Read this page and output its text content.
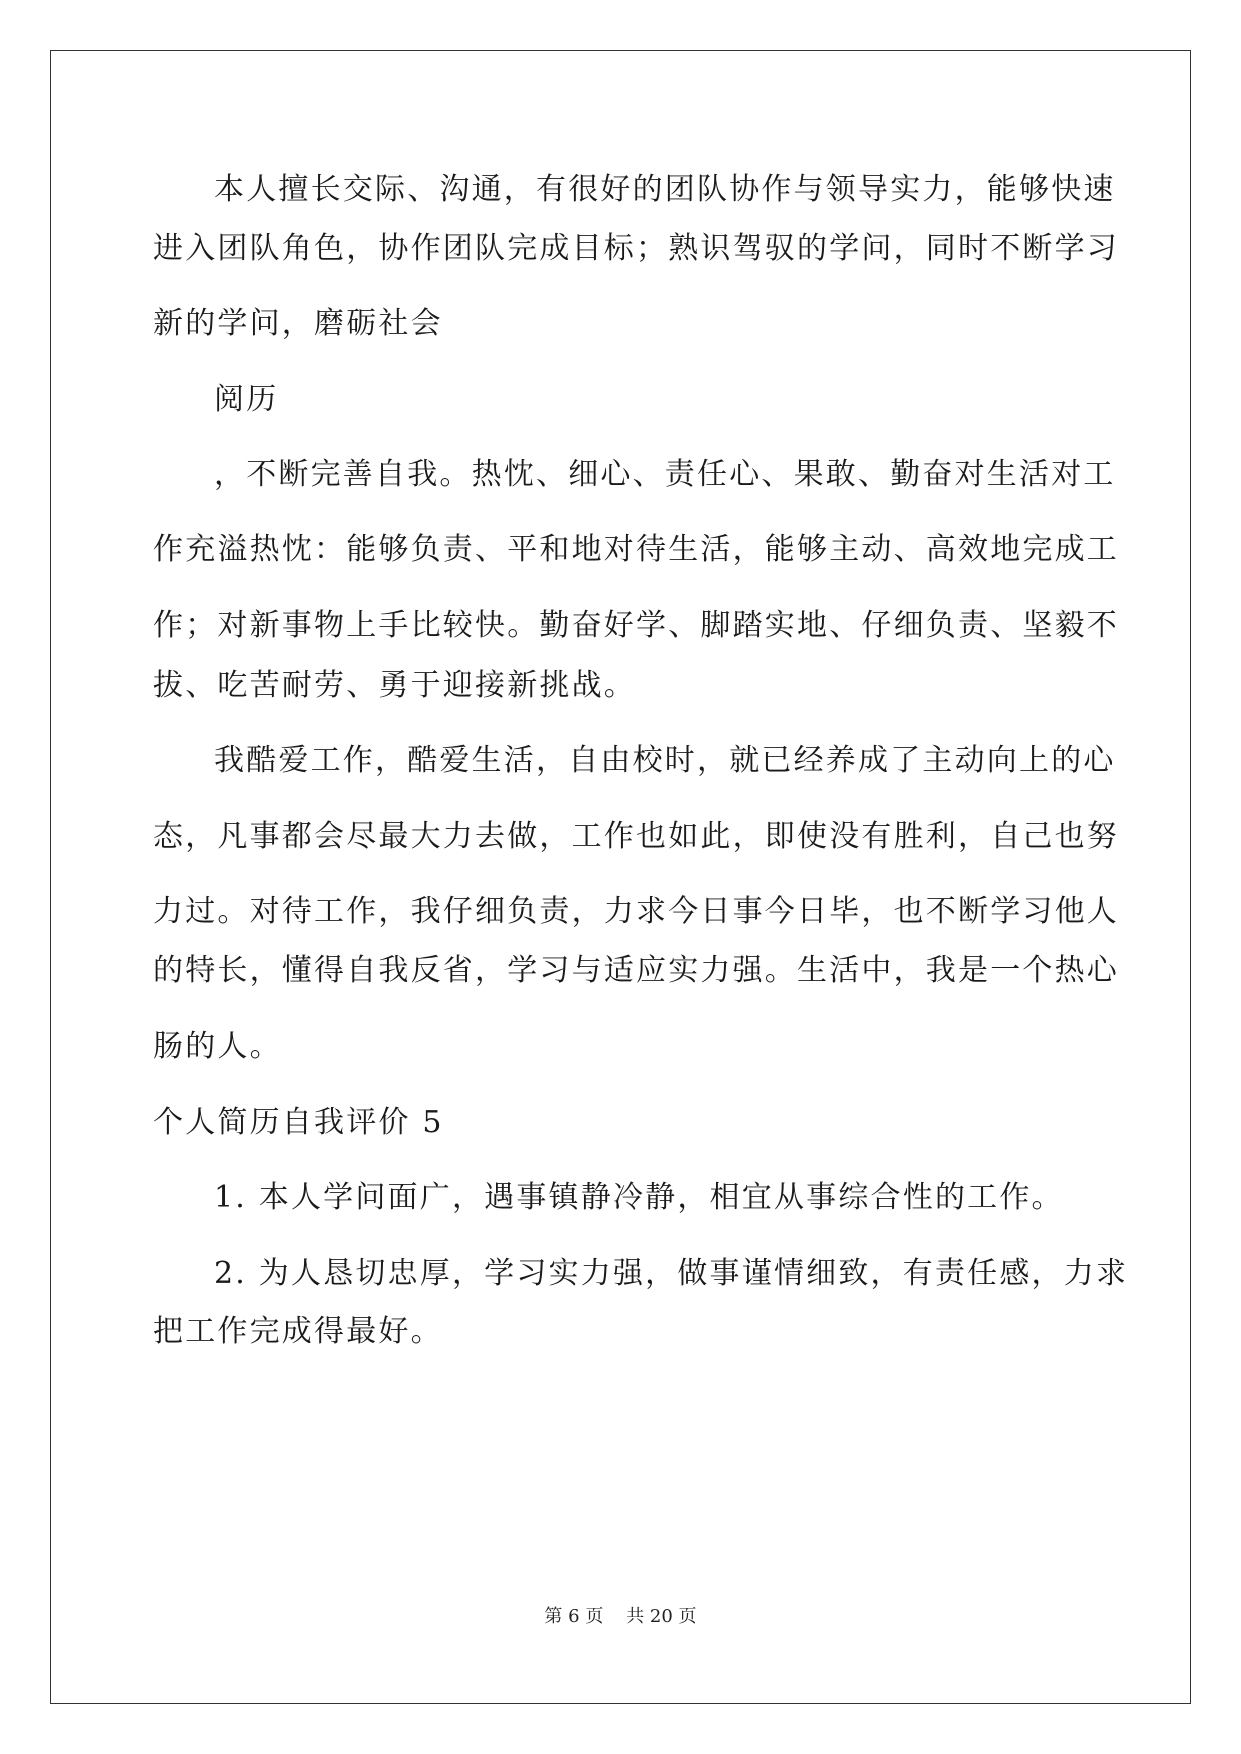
本人擅长交际、沟通，有很好的团队协作与领导实力，能够快速
进入团队角色，协作团队完成目标；熟识驾驭的学问，同时不断学习
新的学问，磨砺社会
阅历
，不断完善自我。热忱、细心、责任心、果敢、勤奋对生活对工
作充溢热忱：能够负责、平和地对待生活，能够主动、高效地完成工
作；对新事物上手比较快。勤奋好学、脚踏实地、仔细负责、坚毅不
拔、吃苦耐劳、勇于迎接新挑战。
我酷爱工作，酷爱生活，自由校时，就已经养成了主动向上的心
态，凡事都会尽最大力去做，工作也如此，即使没有胜利，自己也努
力过。对待工作，我仔细负责，力求今日事今日毕，也不断学习他人
的特长，懂得自我反省，学习与适应实力强。生活中，我是一个热心
肠的人。
个人简历自我评价 5
1. 本人学问面广，遇事镇静冷静，相宜从事综合性的工作。
2. 为人恳切忠厚，学习实力强，做事谨情细致，有责任感，力求
把工作完成得最好。
第 6 页    共 20 页
